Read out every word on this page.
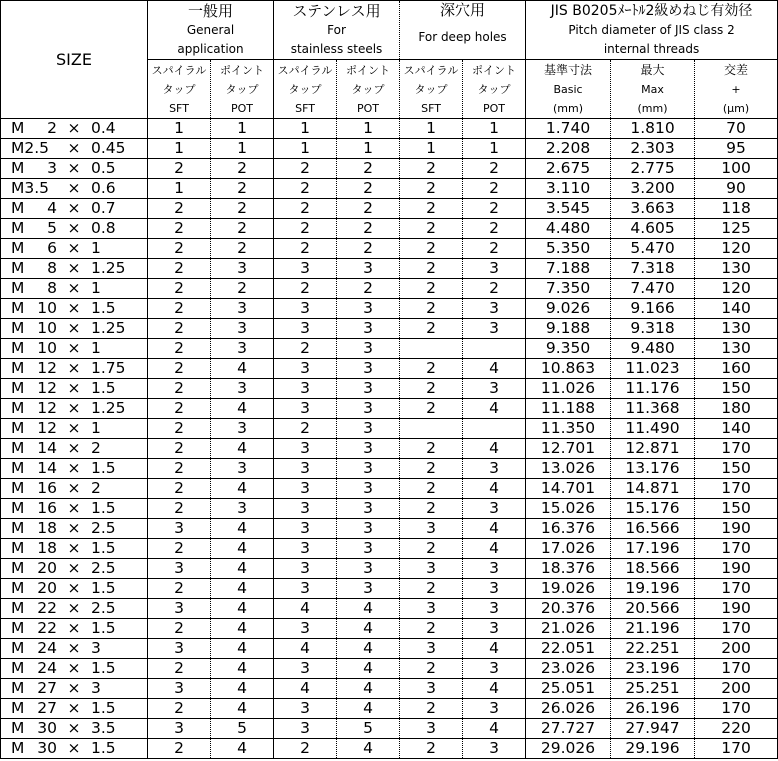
SIZE	一般用
General
application		ステンレス用
For
stainless steels		深穴用
For deep holes		JIS B0205ﾒｰﾄﾙ2級めねじ有効径
Pitch diameter of JIS class 2
internal threads		

	スパイラル
タップ
SFT	ポイント
タップ
POT	スパイラル
タップ
SFT	ポイント
タップ
POT	スパイラル
タップ
SFT	ポイント
タップ
POT	基準寸法
Basic
(mm)	最大
Max
(mm)	交差
+
(μm)

M 2 × 0.4	1	1	1	1	1	1	1.740	1.810	70
M2.5 × 0.45	1	1	1	1	1	1	2.208	2.303	95
M 3 × 0.5	2	2	2	2	2	2	2.675	2.775	100
M3.5 × 0.6	1	2	2	2	2	2	3.110	3.200	90
M 4 × 0.7	2	2	2	2	2	2	3.545	3.663	118
M 5 × 0.8	2	2	2	2	2	2	4.480	4.605	125
M 6 × 1	2	2	2	2	2	2	5.350	5.470	120
M 8 × 1.25	2	3	3	3	2	3	7.188	7.318	130
M 8 × 1	2	2	2	2	2	2	7.350	7.470	120
M 10 × 1.5	2	3	3	3	2	3	9.026	9.166	140
M 10 × 1.25	2	3	3	3	2	3	9.188	9.318	130
M 10 × 1	2	3	2	3			9.350	9.480	130
M 12 × 1.75	2	4	3	3	2	4	10.863	11.023	160
M 12 × 1.5	2	3	3	3	2	3	11.026	11.176	150
M 12 × 1.25	2	4	3	3	2	4	11.188	11.368	180
M 12 × 1	2	3	2	3			11.350	11.490	140
M 14 × 2	2	4	3	3	2	4	12.701	12.871	170
M 14 × 1.5	2	3	3	3	2	3	13.026	13.176	150
M 16 × 2	2	4	3	3	2	4	14.701	14.871	170
M 16 × 1.5	2	3	3	3	2	3	15.026	15.176	150
M 18 × 2.5	3	4	3	3	3	4	16.376	16.566	190
M 18 × 1.5	2	4	3	3	2	4	17.026	17.196	170
M 20 × 2.5	3	4	3	3	3	3	18.376	18.566	190
M 20 × 1.5	2	4	3	3	2	3	19.026	19.196	170
M 22 × 2.5	3	4	4	4	3	3	20.376	20.566	190
M 22 × 1.5	2	4	3	4	2	3	21.026	21.196	170
M 24 × 3	3	4	4	4	3	4	22.051	22.251	200
M 24 × 1.5	2	4	3	4	2	3	23.026	23.196	170
M 27 × 3	3	4	4	4	3	4	25.051	25.251	200
M 27 × 1.5	2	4	3	4	2	3	26.026	26.196	170
M 30 × 3.5	3	5	3	5	3	4	27.727	27.947	220
M 30 × 1.5	2	4	2	4	2	3	29.026	29.196	170
